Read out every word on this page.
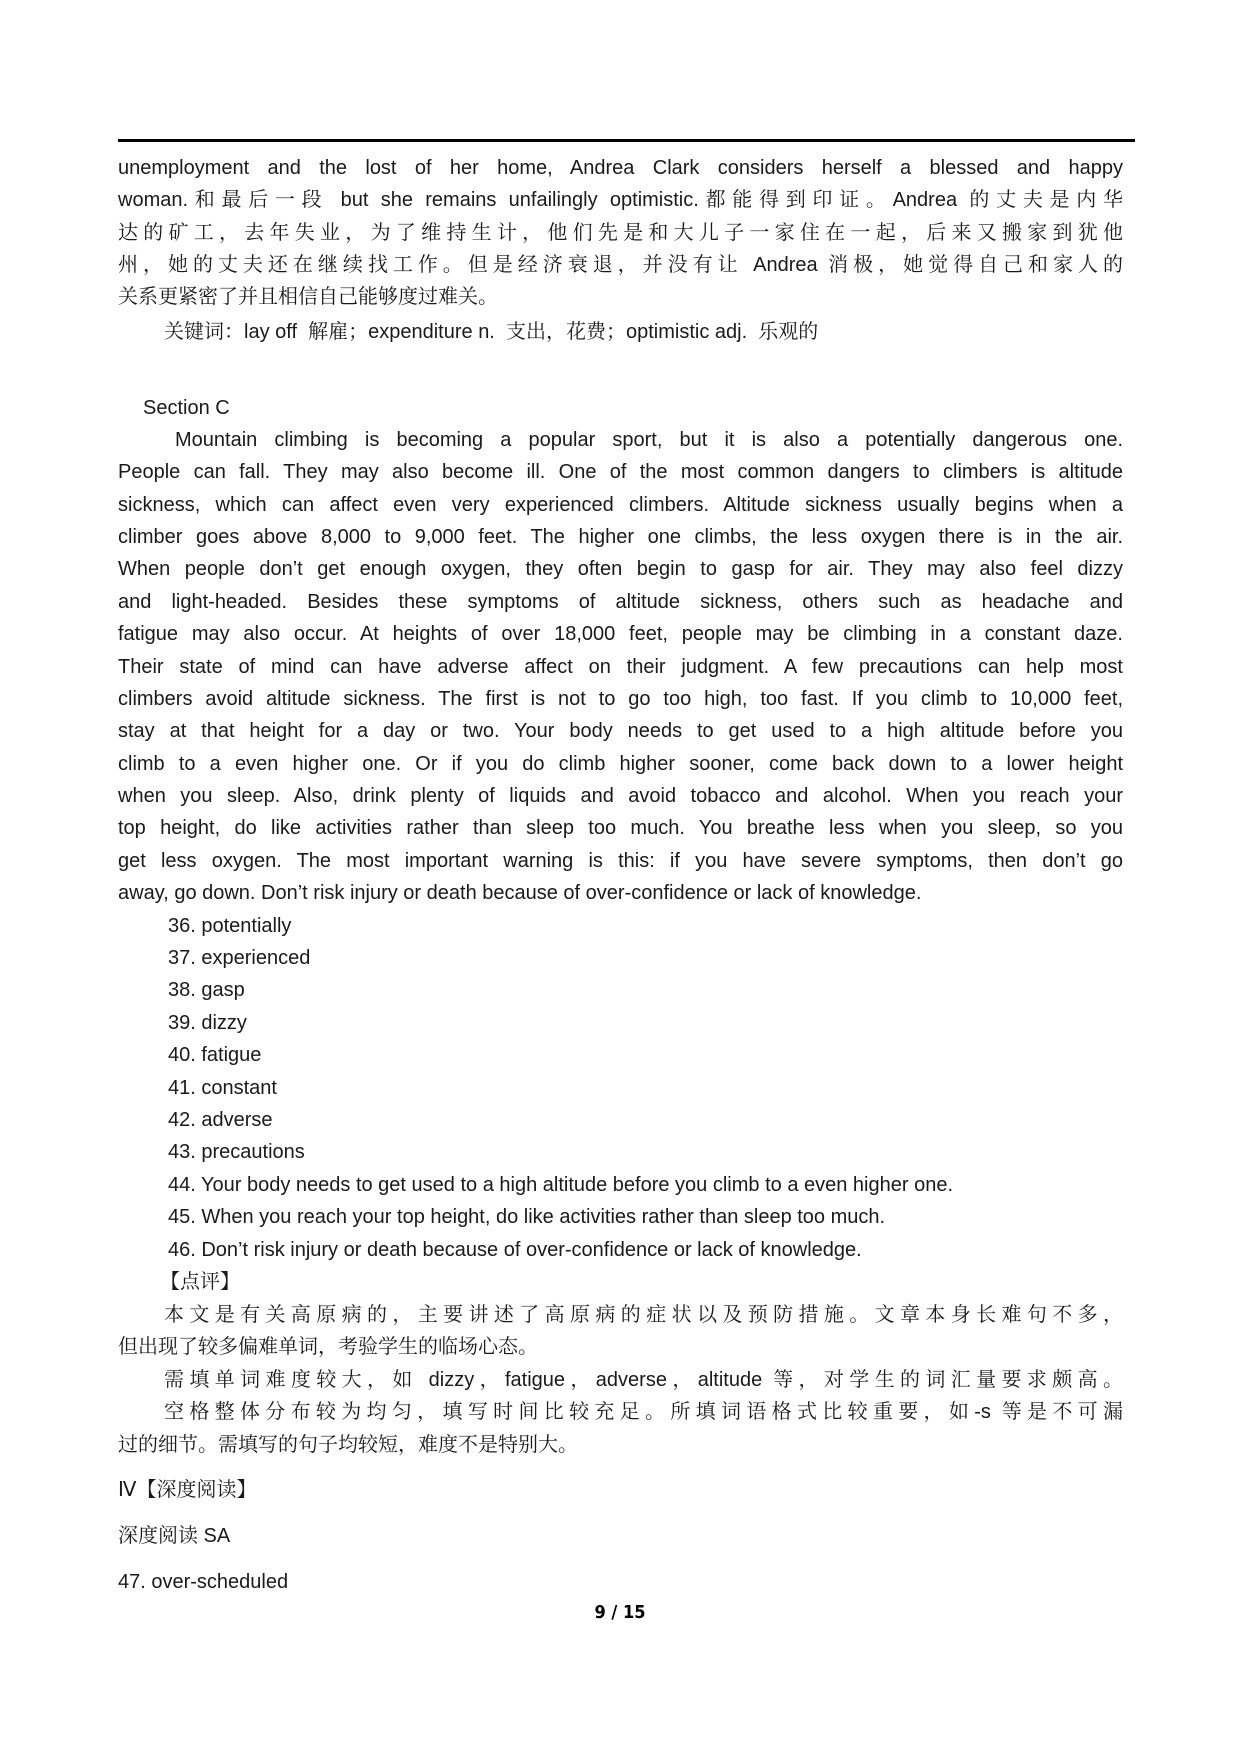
unemployment and the lost of her home, Andrea Clark considers herself a blessed and happy
woman.和最后一段 but she remains unfailingly optimistic.都能得到印证。Andrea 的丈夫是内华
达的矿工，去年失业，为了维持生计，他们先是和大儿子一家住在一起，后来又搬家到犹他
州，她的丈夫还在继续找工作。但是经济衰退，并没有让 Andrea 消极，她觉得自己和家人的
关系更紧密了并且相信自己能够度过难关。
关键词：lay off  解雇；expenditure n.  支出，花费；optimistic adj.  乐观的
Section C
Mountain climbing is becoming a popular sport, but it is also a potentially dangerous one.
People can fall. They may also become ill. One of the most common dangers to climbers is altitude
sickness, which can affect even very experienced climbers. Altitude sickness usually begins when a
climber goes above 8,000 to 9,000 feet. The higher one climbs, the less oxygen there is in the air.
When people don’t get enough oxygen, they often begin to gasp for air. They may also feel dizzy
and light-headed. Besides these symptoms of altitude sickness, others such as headache and
fatigue may also occur. At heights of over 18,000 feet, people may be climbing in a constant daze.
Their state of mind can have adverse affect on their judgment. A few precautions can help most
climbers avoid altitude sickness. The first is not to go too high, too fast. If you climb to 10,000 feet,
stay at that height for a day or two. Your body needs to get used to a high altitude before you
climb to a even higher one. Or if you do climb higher sooner, come back down to a lower height
when you sleep. Also, drink plenty of liquids and avoid tobacco and alcohol. When you reach your
top height, do like activities rather than sleep too much. You breathe less when you sleep, so you
get less oxygen. The most important warning is this: if you have severe symptoms, then don’t go
away, go down. Don’t risk injury or death because of over-confidence or lack of knowledge.
36. potentially
37. experienced
38. gasp
39. dizzy
40. fatigue
41. constant
42. adverse
43. precautions
44. Your body needs to get used to a high altitude before you climb to a even higher one.
45. When you reach your top height, do like activities rather than sleep too much.
46. Don’t risk injury or death because of over-confidence or lack of knowledge.
【点评】
本文是有关高原病的，主要讲述了高原病的症状以及预防措施。文章本身长难句不多，
但出现了较多偏难单词，考验学生的临场心态。
需填单词难度较大，如 dizzy，fatigue，adverse，altitude 等，对学生的词汇量要求颇高。
空格整体分布较为均匀，填写时间比较充足。所填词语格式比较重要，如-s 等是不可漏
过的细节。需填写的句子均较短，难度不是特别大。
Ⅳ【深度阅读】
深度阅读 SA
47. over-scheduled
9 / 15
